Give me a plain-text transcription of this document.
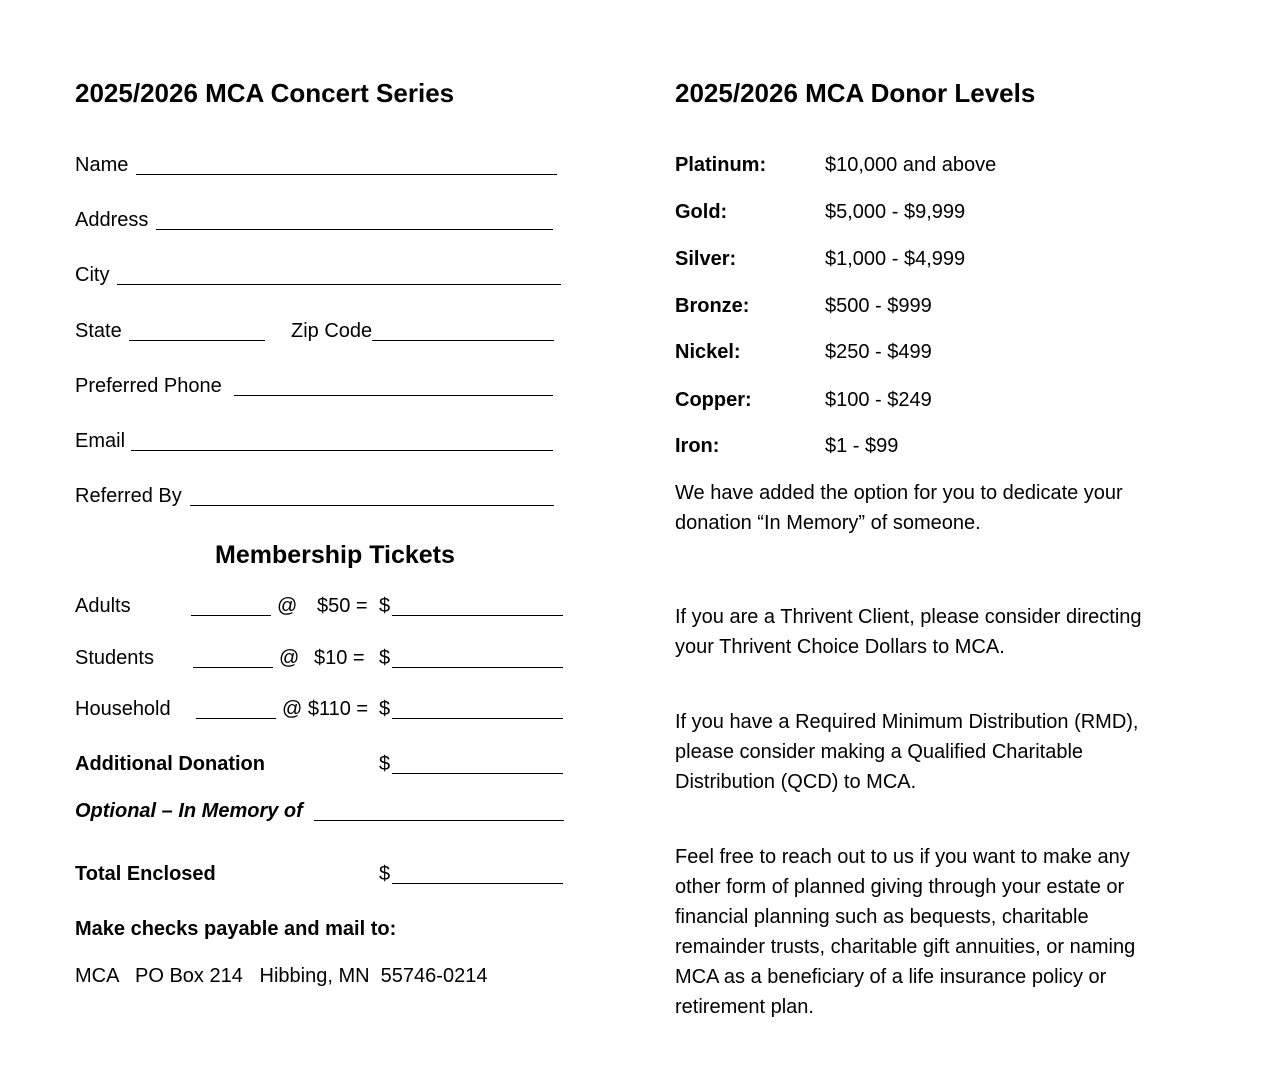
2025/2026 MCA Concert Series
Name
Address
City
State	Zip Code
Preferred Phone
Email
Referred By
Membership Tickets
Adults	@ $50 = $
Students	@ $10 = $
Household	@ $110 = $
Additional Donation	$
Optional – In Memory of
Total Enclosed	$
Make checks payable and mail to:
MCA   PO Box 214   Hibbing, MN  55746-0214
2025/2026 MCA Donor Levels
Platinum:	$10,000 and above
Gold:	$5,000 - $9,999
Silver:	$1,000 - $4,999
Bronze:	$500 - $999
Nickel:	$250 - $499
Copper:	$100 - $249
Iron:	$1 - $99
We have added the option for you to dedicate your donation “In Memory” of someone.
If you are a Thrivent Client, please consider directing your Thrivent Choice Dollars to MCA.
If you have a Required Minimum Distribution (RMD), please consider making a Qualified Charitable Distribution (QCD) to MCA.
Feel free to reach out to us if you want to make any other form of planned giving through your estate or financial planning such as bequests, charitable remainder trusts, charitable gift annuities, or naming MCA as a beneficiary of a life insurance policy or retirement plan.
